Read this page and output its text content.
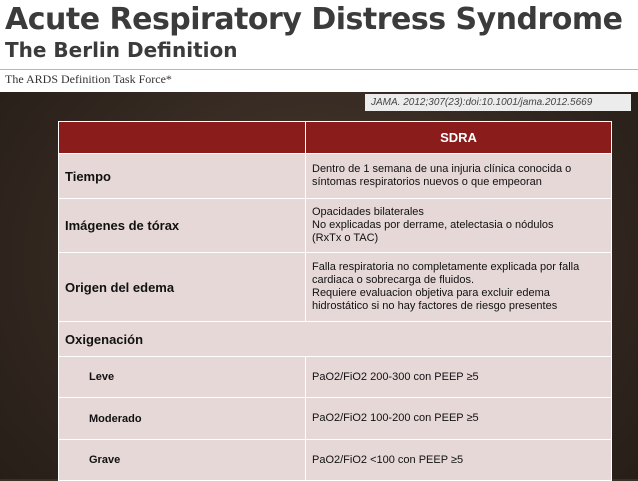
Acute Respiratory Distress Syndrome
The Berlin Definition
The ARDS Definition Task Force*
JAMA. 2012;307(23):doi:10.1001/jama.2012.5669
	SDRA
Tiempo	Dentro de 1 semana de una injuria clínica conocida o
síntomas respiratorios nuevos o que empeoran

Imágenes de tórax	Opacidades bilaterales
No explicadas por derrame, atelectasia o nódulos
(RxTx o TAC)

Origen del edema	Falla respiratoria no completamente explicada por falla
cardiaca o sobrecarga de fluidos.
Requiere evaluacion objetiva para excluir edema
hidrostático si no hay factores de riesgo presentes

Oxigenación	
Leve	PaO2/FiO2 200-300 con PEEP ≥5
Moderado	PaO2/FiO2 100-200 con PEEP ≥5
Grave	PaO2/FiO2 <100 con PEEP ≥5
